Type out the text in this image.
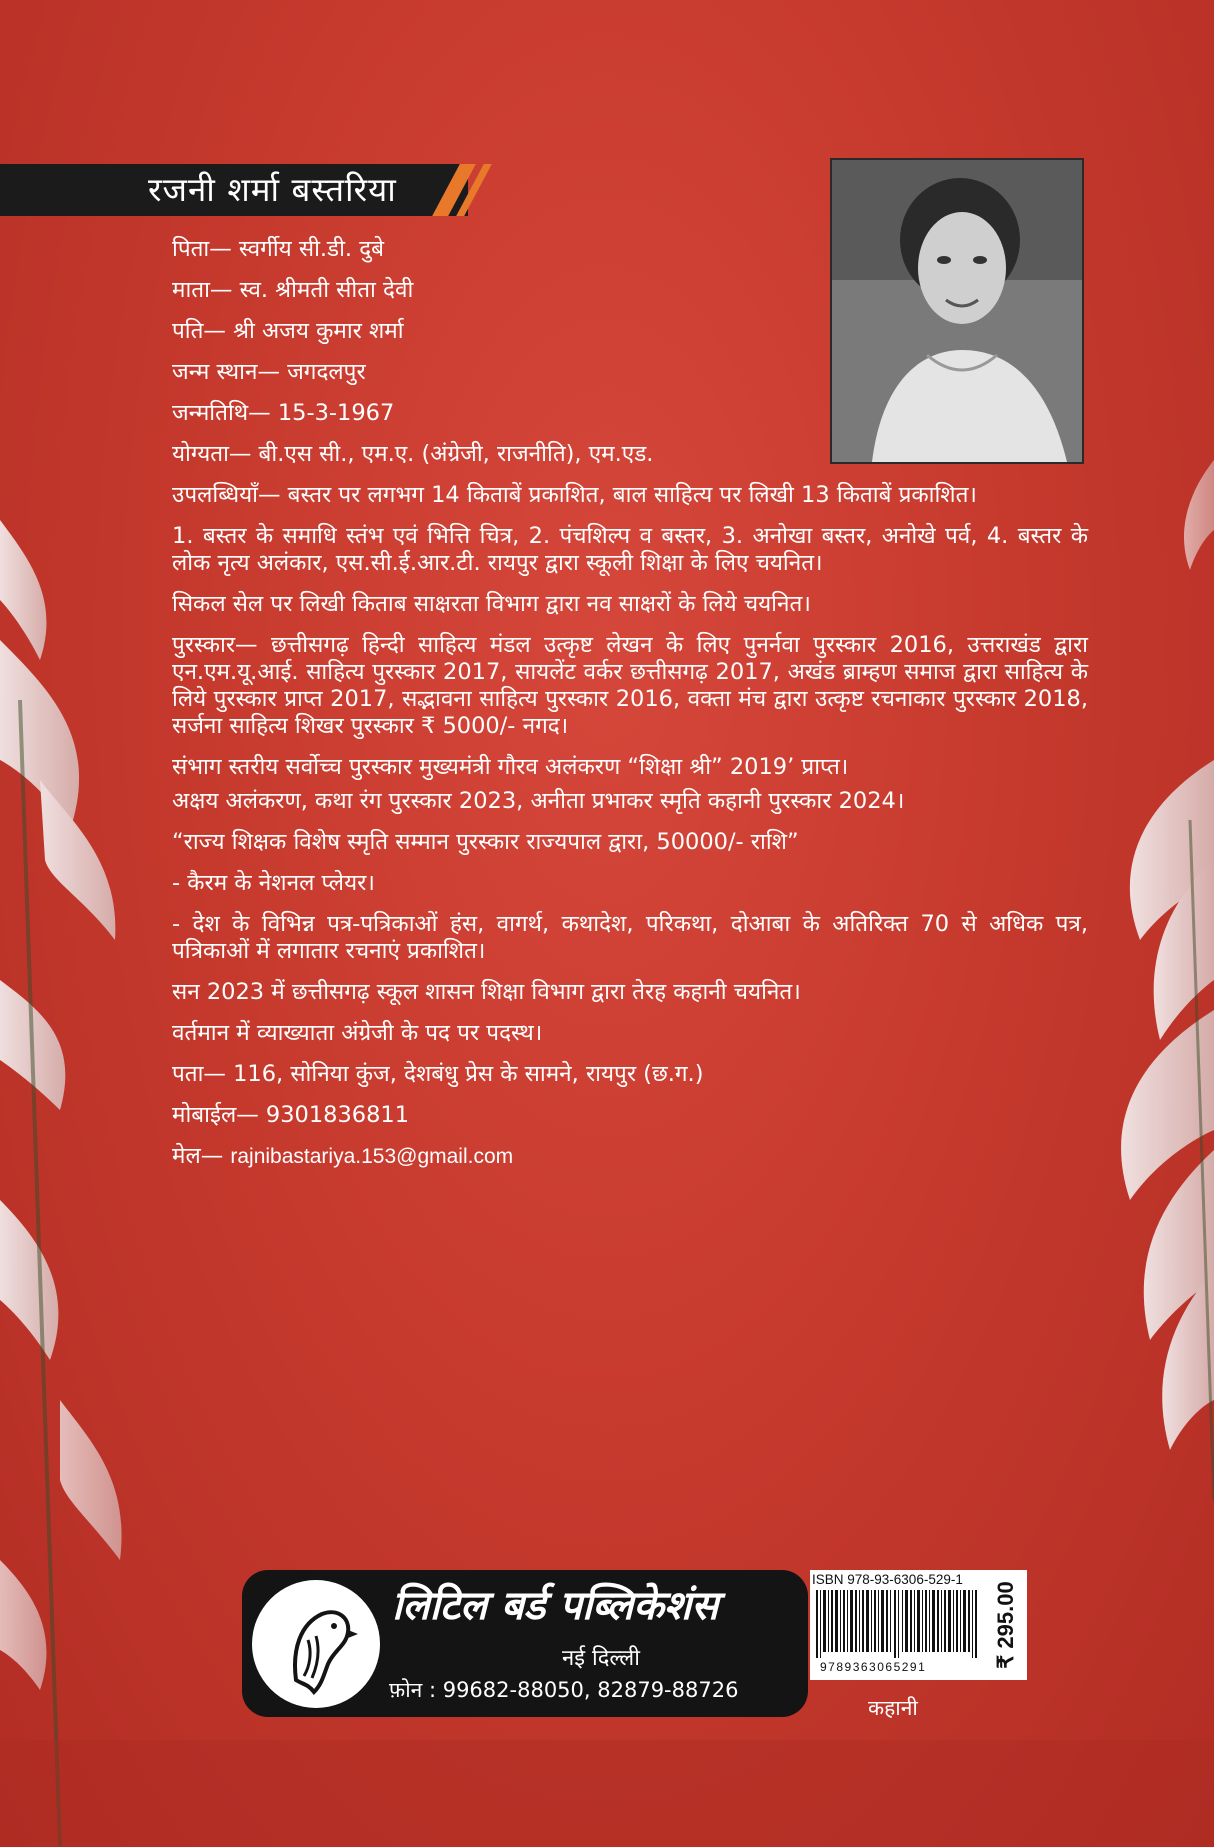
रजनी शर्मा बस्तरिया

पिता— स्वर्गीय सी.डी. दुबे

माता— स्व. श्रीमती सीता देवी

पति— श्री अजय कुमार शर्मा

जन्म स्थान— जगदलपुर

जन्मतिथि— 15-3-1967

योग्यता— बी.एस सी., एम.ए. (अंग्रेजी, राजनीति), एम.एड.

उपलब्धियाँ— बस्तर पर लगभग 14 किताबें प्रकाशित, बाल साहित्य पर लिखी 13 किताबें प्रकाशित।

1. बस्तर के समाधि स्तंभ एवं भित्ति चित्र, 2. पंचशिल्प व बस्तर, 3. अनोखा बस्तर, अनोखे पर्व, 4. बस्तर के लोक नृत्य अलंकार, एस.सी.ई.आर.टी. रायपुर द्वारा स्कूली शिक्षा के लिए चयनित।

सिकल सेल पर लिखी किताब साक्षरता विभाग द्वारा नव साक्षरों के लिये चयनित।

पुरस्कार— छत्तीसगढ़ हिन्दी साहित्य मंडल उत्कृष्ट लेखन के लिए पुनर्नवा पुरस्कार 2016, उत्तराखंड द्वारा एन.एम.यू.आई. साहित्य पुरस्कार 2017, सायलेंट वर्कर छत्तीसगढ़ 2017, अखंड ब्राम्हण समाज द्वारा साहित्य के लिये पुरस्कार प्राप्त 2017, सद्भावना साहित्य पुरस्कार 2016, वक्ता मंच द्वारा उत्कृष्ट रचनाकार पुरस्कार 2018, सर्जना साहित्य शिखर पुरस्कार ₹ 5000/- नगद।

संभाग स्तरीय सर्वोच्च पुरस्कार मुख्यमंत्री गौरव अलंकरण “शिक्षा श्री” 2019’ प्राप्त।

अक्षय अलंकरण, कथा रंग पुरस्कार 2023, अनीता प्रभाकर स्मृति कहानी पुरस्कार 2024।

“राज्य शिक्षक विशेष स्मृति सम्मान पुरस्कार राज्यपाल द्वारा, 50000/- राशि”

- कैरम के नेशनल प्लेयर।

- देश के विभिन्न पत्र-पत्रिकाओं हंस, वागर्थ, कथादेश, परिकथा, दोआबा के अतिरिक्त 70 से अधिक पत्र, पत्रिकाओं में लगातार रचनाएं प्रकाशित।

सन 2023 में छत्तीसगढ़ स्कूल शासन शिक्षा विभाग द्वारा तेरह कहानी चयनित।

वर्तमान में व्याख्याता अंग्रेजी के पद पर पदस्थ।

पता— 116, सोनिया कुंज, देशबंधु प्रेस के सामने, रायपुर (छ.ग.)

मोबाईल— 9301836811

मेल— rajnibastariya.153@gmail.com

लिटिल बर्ड पब्लिकेशंस
नई दिल्ली
फ़ोन : 99682-88050, 82879-88726
ISBN 978-93-6306-529-1
9789363065291	₹ 295.00
कहानी
